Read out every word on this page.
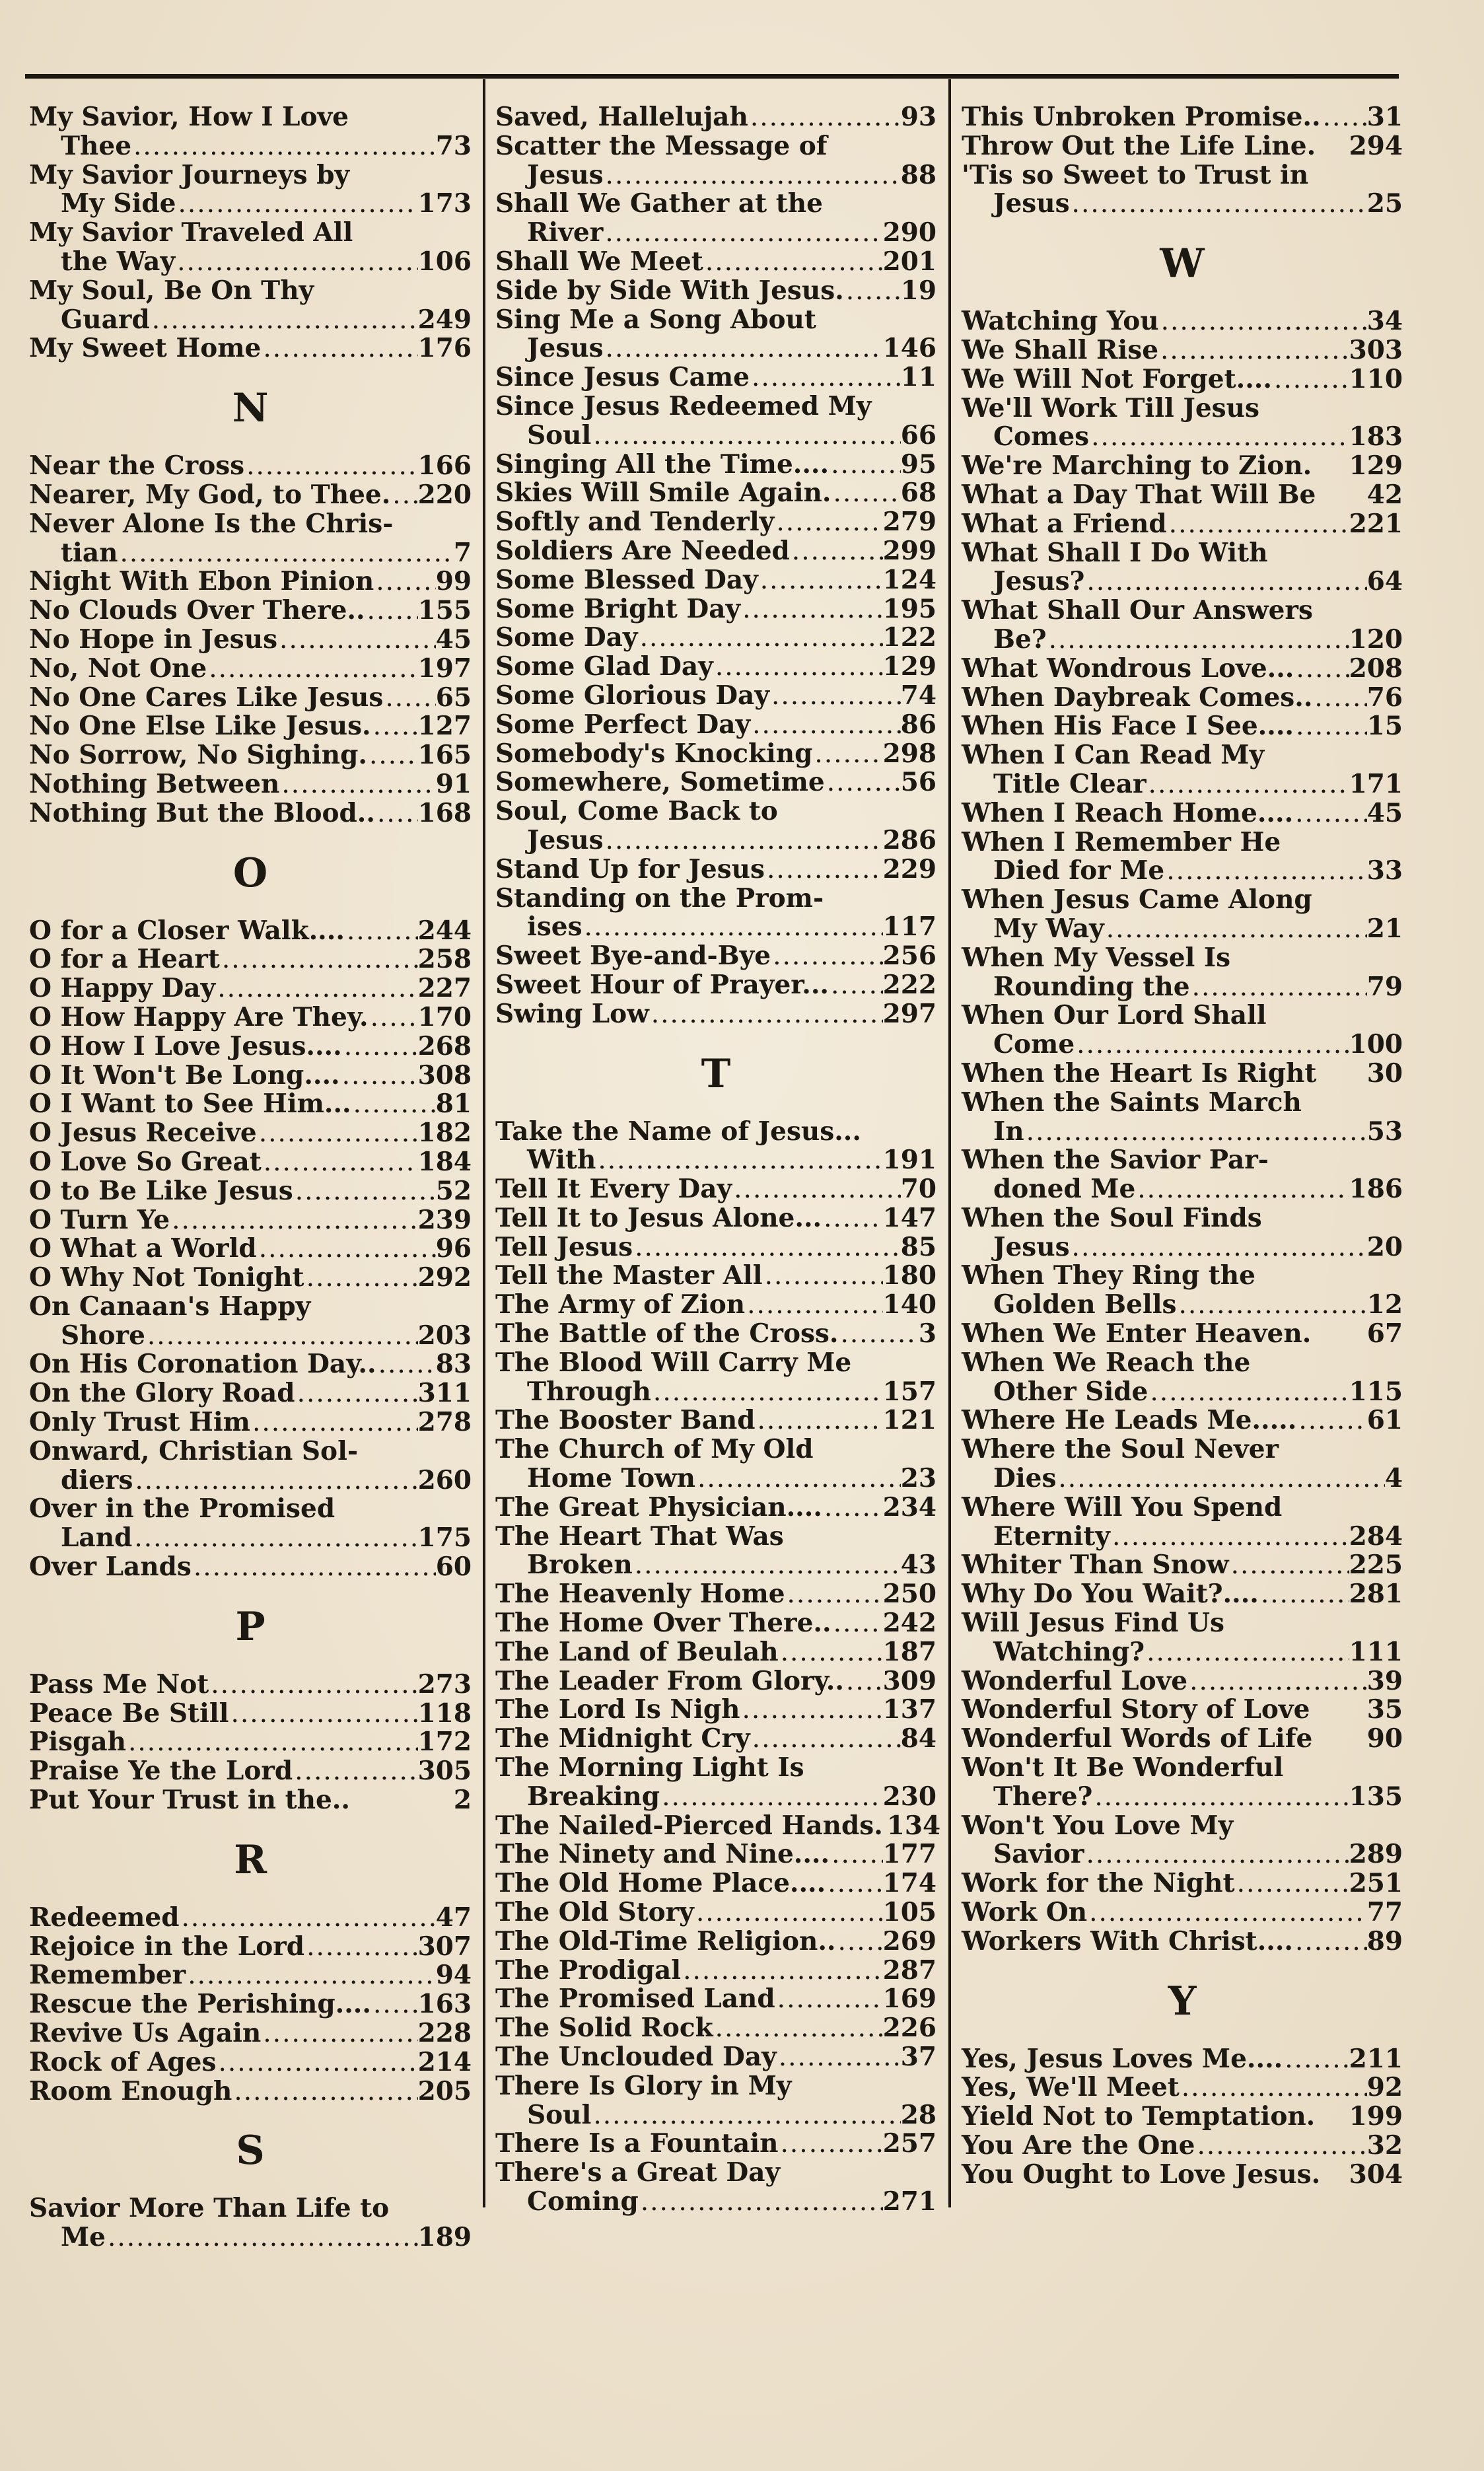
My Savior, How I Love
Thee .....	73
My Savior Journeys by
My Side .....	173
My Savior Traveled All
the Way .....	106
My Soul, Be On Thy
Guard .....	249
My Sweet Home .....	176
N
Near the Cross .....	166
Nearer, My God, to Thee. ..... 220
Never Alone Is the Chris-
tian .....	7
Night With Ebon Pinion ..... 99
No Clouds Over There.. ..... 155
No Hope in Jesus .....	45
No, Not One .....	197
No One Cares Like Jesus ..... 65
No One Else Like Jesus. ..... 127
No Sorrow, No Sighing. ..... 165
Nothing Between .....	91
Nothing But the Blood.. ..... 168
O
O for a Closer Walk.... .....	244
O for a Heart .....	258
O Happy Day .....	227
O How Happy Are They. ..... 170
O How I Love Jesus.... .....	268
O It Won't Be Long.... .....	308
O I Want to See Him... .....	81
O Jesus Receive .....	182
O Love So Great .....	184
O to Be Like Jesus .....	52
O Turn Ye .....	239
O What a World .....	96
O Why Not Tonight .....	292
On Canaan's Happy
Shore .....	203
On His Coronation Day.. ..... 83
On the Glory Road .....	311
Only Trust Him .....	278
Onward, Christian Sol-
diers .....	260
Over in the Promised
Land .....	175
Over Lands .....	60
P
Pass Me Not .....	273
Peace Be Still .....	118
Pisgah .....	172
Praise Ye the Lord .....	305
Put Your Trust in the..	2
R
Redeemed .....	47
Rejoice in the Lord .....	307
Remember .....	94
Rescue the Perishing.... ..... 163
Revive Us Again .....	228
Rock of Ages .....	214
Room Enough .....	205
S
Savior More Than Life to
Me .....	189
Saved, Hallelujah .....	93
Scatter the Message of
Jesus .....	88
Shall We Gather at the
River .....	290
Shall We Meet .....	201
Side by Side With Jesus. ..... 19
Sing Me a Song About
Jesus .....	146
Since Jesus Came .....	11
Since Jesus Redeemed My
Soul .....	66
Singing All the Time.... .....	95
Skies Will Smile Again. .....	68
Softly and Tenderly .....	279
Soldiers Are Needed .....	299
Some Blessed Day .....	124
Some Bright Day .....	195
Some Day .....	122
Some Glad Day .....	129
Some Glorious Day .....	74
Some Perfect Day .....	86
Somebody's Knocking .....	298
Somewhere, Sometime .....	56
Soul, Come Back to
Jesus .....	286
Stand Up for Jesus .....	229
Standing on the Prom-
ises .....	117
Sweet Bye-and-Bye .....	256
Sweet Hour of Prayer... ..... 222
Swing Low .....	297
T
Take the Name of Jesus...
With .....	191
Tell It Every Day .....	70
Tell It to Jesus Alone... ..... 147
Tell Jesus .....	85
Tell the Master All .....	180
The Army of Zion .....	140
The Battle of the Cross. .....	3
The Blood Will Carry Me
Through .....	157
The Booster Band .....	121
The Church of My Old
Home Town .....	23
The Great Physician.... ..... 234
The Heart That Was
Broken .....	43
The Heavenly Home .....	250
The Home Over There.. ..... 242
The Land of Beulah .....	187
The Leader From Glory.. ..... 309
The Lord Is Nigh .....	137
The Midnight Cry .....	84
The Morning Light Is
Breaking .....	230
The Nailed-Pierced Hands. 134
The Ninety and Nine.... ..... 177
The Old Home Place.... ..... 174
The Old Story .....	105
The Old-Time Religion.. ..... 269
The Prodigal .....	287
The Promised Land .....	169
The Solid Rock .....	226
The Unclouded Day .....	37
There Is Glory in My
Soul .....	28
There Is a Fountain .....	257
There's a Great Day
Coming .....	271
This Unbroken Promise.. ..... 31
Throw Out the Life Line. 294
'Tis so Sweet to Trust in
Jesus .....	25
W
Watching You .....	34
We Shall Rise .....	303
We Will Not Forget.... .....	110
We'll Work Till Jesus
Comes .....	183
We're Marching to Zion. 129
What a Day That Will Be 42
What a Friend .....	221
What Shall I Do With
Jesus? .....	64
What Shall Our Answers
Be? .....	120
What Wondrous Love... ..... 208
When Daybreak Comes.. ..... 76
When His Face I See.... .....	15
When I Can Read My
Title Clear .....	171
When I Reach Home.... .....	45
When I Remember He
Died for Me .....	33
When Jesus Came Along
My Way .....	21
When My Vessel Is
Rounding the .....	79
When Our Lord Shall
Come .....	100
When the Heart Is Right 30
When the Saints March
In .....	53
When the Savior Par-
doned Me .....	186
When the Soul Finds
Jesus .....	20
When They Ring the
Golden Bells .....	12
When We Enter Heaven. 67
When We Reach the
Other Side .....	115
Where He Leads Me..... .....	61
Where the Soul Never
Dies .....	4
Where Will You Spend
Eternity .....	284
Whiter Than Snow .....	225
Why Do You Wait?.... .....	281
Will Jesus Find Us
Watching? .....	111
Wonderful Love .....	39
Wonderful Story of Love 35
Wonderful Words of Life 90
Won't It Be Wonderful
There? .....	135
Won't You Love My
Savior .....	289
Work for the Night .....	251
Work On .....	77
Workers With Christ.... .....	89
Y
Yes, Jesus Loves Me.... .....	211
Yes, We'll Meet .....	92
Yield Not to Temptation. 199
You Are the One .....	32
You Ought to Love Jesus. 304
